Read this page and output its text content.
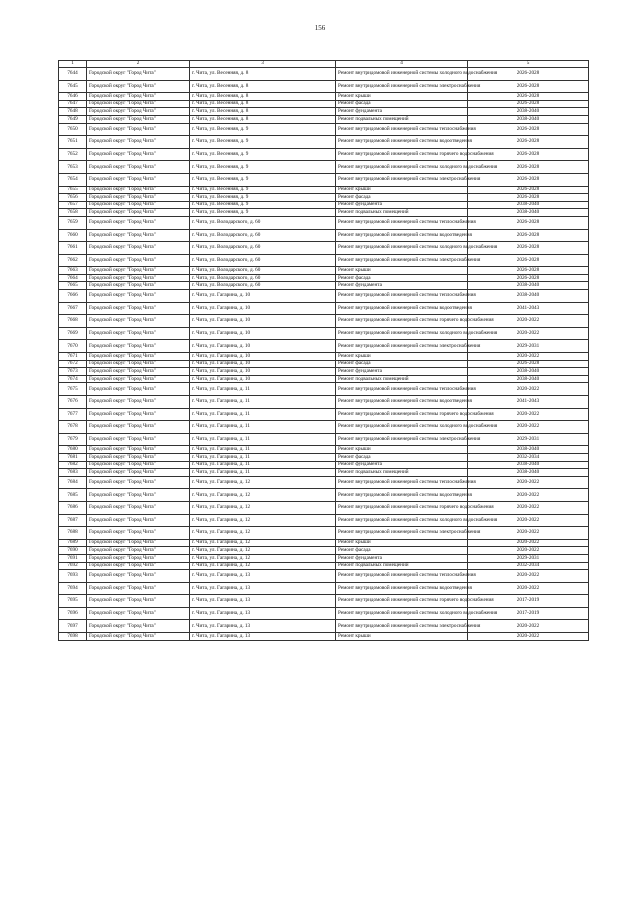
156
1	2	3	4	5
7644	Городской округ "Город Чита"	г. Чита, ул. Весенняя, д. 8	Ремонт внутридомовой инженерной системы холодного водоснабжения	2026-2028
7645	Городской округ "Город Чита"	г. Чита, ул. Весенняя, д. 8	Ремонт внутридомовой инженерной системы электроснабжения	2026-2028
7646	Городской округ "Город Чита"	г. Чита, ул. Весенняя, д. 8	Ремонт крыши	2026-2028
7647	Городской округ "Город Чита"	г. Чита, ул. Весенняя, д. 8	Ремонт фасада	2026-2028
7648	Городской округ "Город Чита"	г. Чита, ул. Весенняя, д. 8	Ремонт фундамента	2038-2040
7649	Городской округ "Город Чита"	г. Чита, ул. Весенняя, д. 8	Ремонт подвальных помещений	2038-2040
7650	Городской округ "Город Чита"	г. Чита, ул. Весенняя, д. 9	Ремонт внутридомовой инженерной системы теплоснабжения	2026-2028
7651	Городской округ "Город Чита"	г. Чита, ул. Весенняя, д. 9	Ремонт внутридомовой инженерной системы водоотведения	2026-2028
7652	Городской округ "Город Чита"	г. Чита, ул. Весенняя, д. 9	Ремонт внутридомовой инженерной системы горячего водоснабжения	2026-2028
7653	Городской округ "Город Чита"	г. Чита, ул. Весенняя, д. 9	Ремонт внутридомовой инженерной системы холодного водоснабжения	2026-2028
7654	Городской округ "Город Чита"	г. Чита, ул. Весенняя, д. 9	Ремонт внутридомовой инженерной системы электроснабжения	2026-2028
7655	Городской округ "Город Чита"	г. Чита, ул. Весенняя, д. 9	Ремонт крыши	2026-2028
7656	Городской округ "Город Чита"	г. Чита, ул. Весенняя, д. 9	Ремонт фасада	2026-2028
7657	Городской округ "Город Чита"	г. Чита, ул. Весенняя, д. 9	Ремонт фундамента	2038-2040
7658	Городской округ "Город Чита"	г. Чита, ул. Весенняя, д. 9	Ремонт подвальных помещений	2038-2040
7659	Городской округ "Город Чита"	г. Чита, ул. Володарского, д. 60	Ремонт внутридомовой инженерной системы теплоснабжения	2026-2028
7660	Городской округ "Город Чита"	г. Чита, ул. Володарского, д. 60	Ремонт внутридомовой инженерной системы водоотведения	2026-2028
7661	Городской округ "Город Чита"	г. Чита, ул. Володарского, д. 60	Ремонт внутридомовой инженерной системы холодного водоснабжения	2026-2028
7662	Городской округ "Город Чита"	г. Чита, ул. Володарского, д. 60	Ремонт внутридомовой инженерной системы электроснабжения	2026-2028
7663	Городской округ "Город Чита"	г. Чита, ул. Володарского, д. 60	Ремонт крыши	2026-2028
7664	Городской округ "Город Чита"	г. Чита, ул. Володарского, д. 60	Ремонт фасада	2026-2028
7665	Городской округ "Город Чита"	г. Чита, ул. Володарского, д. 60	Ремонт фундамента	2038-2040
7666	Городской округ "Город Чита"	г. Чита, ул. Гагарина, д. 10	Ремонт внутридомовой инженерной системы теплоснабжения	2038-2040
7667	Городской округ "Город Чита"	г. Чита, ул. Гагарина, д. 10	Ремонт внутридомовой инженерной системы водоотведения	2041-2043
7668	Городской округ "Город Чита"	г. Чита, ул. Гагарина, д. 10	Ремонт внутридомовой инженерной системы горячего водоснабжения	2020-2022
7669	Городской округ "Город Чита"	г. Чита, ул. Гагарина, д. 10	Ремонт внутридомовой инженерной системы холодного водоснабжения	2020-2022
7670	Городской округ "Город Чита"	г. Чита, ул. Гагарина, д. 10	Ремонт внутридомовой инженерной системы электроснабжения	2029-2031
7671	Городской округ "Город Чита"	г. Чита, ул. Гагарина, д. 10	Ремонт крыши	2020-2022
7672	Городской округ "Город Чита"	г. Чита, ул. Гагарина, д. 10	Ремонт фасада	2026-2028
7673	Городской округ "Город Чита"	г. Чита, ул. Гагарина, д. 10	Ремонт фундамента	2038-2040
7674	Городской округ "Город Чита"	г. Чита, ул. Гагарина, д. 10	Ремонт подвальных помещений	2038-2040
7675	Городской округ "Город Чита"	г. Чита, ул. Гагарина, д. 11	Ремонт внутридомовой инженерной системы теплоснабжения	2020-2022
7676	Городской округ "Город Чита"	г. Чита, ул. Гагарина, д. 11	Ремонт внутридомовой инженерной системы водоотведения	2041-2043
7677	Городской округ "Город Чита"	г. Чита, ул. Гагарина, д. 11	Ремонт внутридомовой инженерной системы горячего водоснабжения	2020-2022
7678	Городской округ "Город Чита"	г. Чита, ул. Гагарина, д. 11	Ремонт внутридомовой инженерной системы холодного водоснабжения	2020-2022
7679	Городской округ "Город Чита"	г. Чита, ул. Гагарина, д. 11	Ремонт внутридомовой инженерной системы электроснабжения	2029-2031
7680	Городской округ "Город Чита"	г. Чита, ул. Гагарина, д. 11	Ремонт крыши	2038-2040
7681	Городской округ "Город Чита"	г. Чита, ул. Гагарина, д. 11	Ремонт фасада	2032-2034
7682	Городской округ "Город Чита"	г. Чита, ул. Гагарина, д. 11	Ремонт фундамента	2038-2040
7683	Городской округ "Город Чита"	г. Чита, ул. Гагарина, д. 11	Ремонт подвальных помещений	2038-2040
7684	Городской округ "Город Чита"	г. Чита, ул. Гагарина, д. 12	Ремонт внутридомовой инженерной системы теплоснабжения	2020-2022
7685	Городской округ "Город Чита"	г. Чита, ул. Гагарина, д. 12	Ремонт внутридомовой инженерной системы водоотведения	2020-2022
7686	Городской округ "Город Чита"	г. Чита, ул. Гагарина, д. 12	Ремонт внутридомовой инженерной системы горячего водоснабжения	2020-2022
7687	Городской округ "Город Чита"	г. Чита, ул. Гагарина, д. 12	Ремонт внутридомовой инженерной системы холодного водоснабжения	2020-2022
7688	Городской округ "Город Чита"	г. Чита, ул. Гагарина, д. 12	Ремонт внутридомовой инженерной системы электроснабжения	2020-2022
7689	Городской округ "Город Чита"	г. Чита, ул. Гагарина, д. 12	Ремонт крыши	2020-2022
7690	Городской округ "Город Чита"	г. Чита, ул. Гагарина, д. 12	Ремонт фасада	2020-2022
7691	Городской округ "Город Чита"	г. Чита, ул. Гагарина, д. 12	Ремонт фундамента	2029-2031
7692	Городской округ "Город Чита"	г. Чита, ул. Гагарина, д. 12	Ремонт подвальных помещений	2032-2034
7693	Городской округ "Город Чита"	г. Чита, ул. Гагарина, д. 13	Ремонт внутридомовой инженерной системы теплоснабжения	2020-2022
7694	Городской округ "Город Чита"	г. Чита, ул. Гагарина, д. 13	Ремонт внутридомовой инженерной системы водоотведения	2020-2022
7695	Городской округ "Город Чита"	г. Чита, ул. Гагарина, д. 13	Ремонт внутридомовой инженерной системы горячего водоснабжения	2017-2019
7696	Городской округ "Город Чита"	г. Чита, ул. Гагарина, д. 13	Ремонт внутридомовой инженерной системы холодного водоснабжения	2017-2019
7697	Городской округ "Город Чита"	г. Чита, ул. Гагарина, д. 13	Ремонт внутридомовой инженерной системы электроснабжения	2020-2022
7698	Городской округ "Город Чита"	г. Чита, ул. Гагарина, д. 13	Ремонт крыши	2020-2022
